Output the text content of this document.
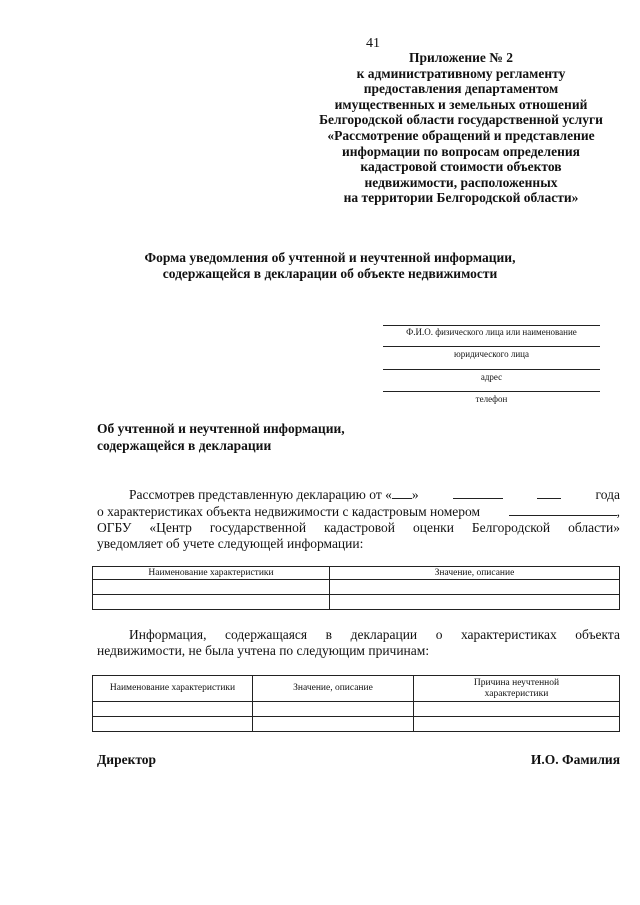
41
Приложение № 2
к административному регламенту
предоставления департаментом
имущественных и земельных отношений
Белгородской области государственной услуги
«Рассмотрение обращений и представление
информации по вопросам определения
кадастровой стоимости объектов
недвижимости, расположенных
на территории Белгородской области»
Форма уведомления об учтенной и неучтенной информации,
содержащейся в декларации об объекте недвижимости
Ф.И.О. физического лица или наименование
юридического лица
адрес
телефон
Об учтенной и неучтенной информации,
содержащейся в декларации
Рассмотрев представленную декларацию от « »	года
о характеристиках объекта недвижимости с кадастровым номером	,
ОГБУ «Центр государственной кадастровой оценки Белгородской области»
уведомляет об учете следующей информации:
Наименование характеристики	Значение, описание

Информация, содержащаяся в декларации о характеристиках объекта
недвижимости, не была учтена по следующим причинам:
Наименование характеристики	Значение, описание	Причина неучтенной характеристики

Директор	И.О. Фамилия
